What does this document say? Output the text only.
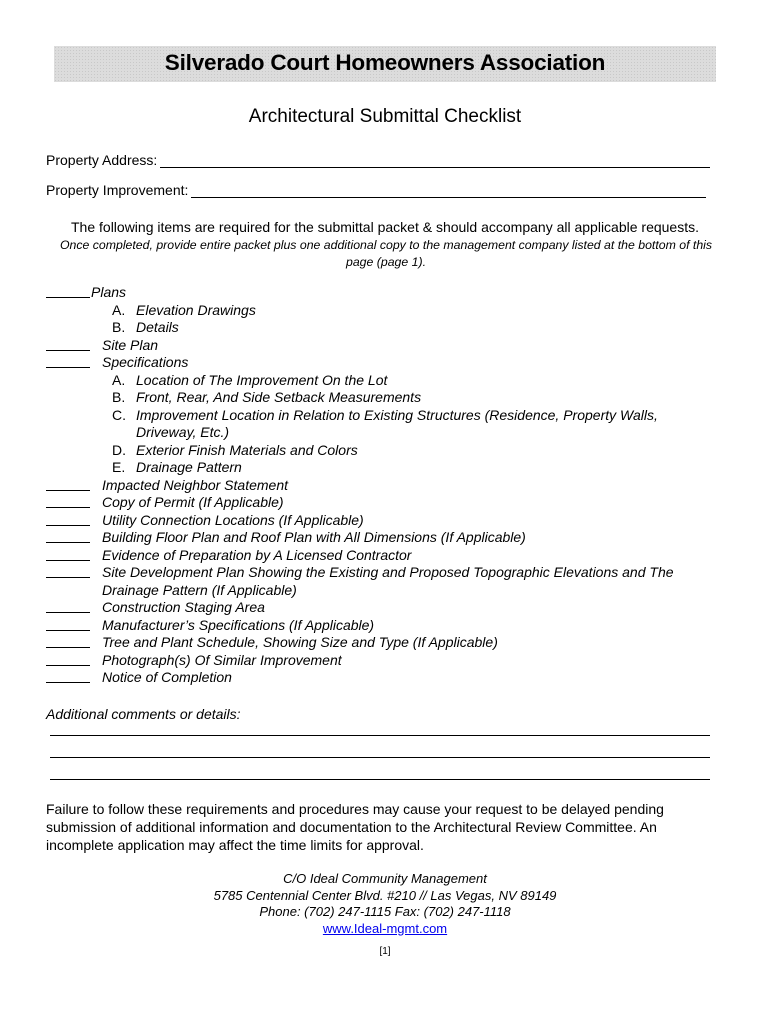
Silverado Court Homeowners Association
Architectural Submittal Checklist
Property Address:
Property Improvement:
The following items are required for the submittal packet & should accompany all applicable requests.
Once completed, provide entire packet plus one additional copy to the management company listed at the bottom of this page (page 1).
Plans
A. Elevation Drawings
B. Details
Site Plan
Specifications
A. Location of The Improvement On the Lot
B. Front, Rear, And Side Setback Measurements
C. Improvement Location in Relation to Existing Structures (Residence, Property Walls,
Driveway, Etc.)
D. Exterior Finish Materials and Colors
E. Drainage Pattern
Impacted Neighbor Statement
Copy of Permit (If Applicable)
Utility Connection Locations (If Applicable)
Building Floor Plan and Roof Plan with All Dimensions (If Applicable)
Evidence of Preparation by A Licensed Contractor
Site Development Plan Showing the Existing and Proposed Topographic Elevations and The
Drainage Pattern (If Applicable)
Construction Staging Area
Manufacturer’s Specifications (If Applicable)
Tree and Plant Schedule, Showing Size and Type (If Applicable)
Photograph(s) Of Similar Improvement
Notice of Completion
Additional comments or details:
Failure to follow these requirements and procedures may cause your request to be delayed pending submission of additional information and documentation to the Architectural Review Committee. An incomplete application may affect the time limits for approval.
C/O Ideal Community Management
5785 Centennial Center Blvd. #210 // Las Vegas, NV 89149
Phone: (702) 247-1115 Fax: (702) 247-1118
www.Ideal-mgmt.com
[1]
